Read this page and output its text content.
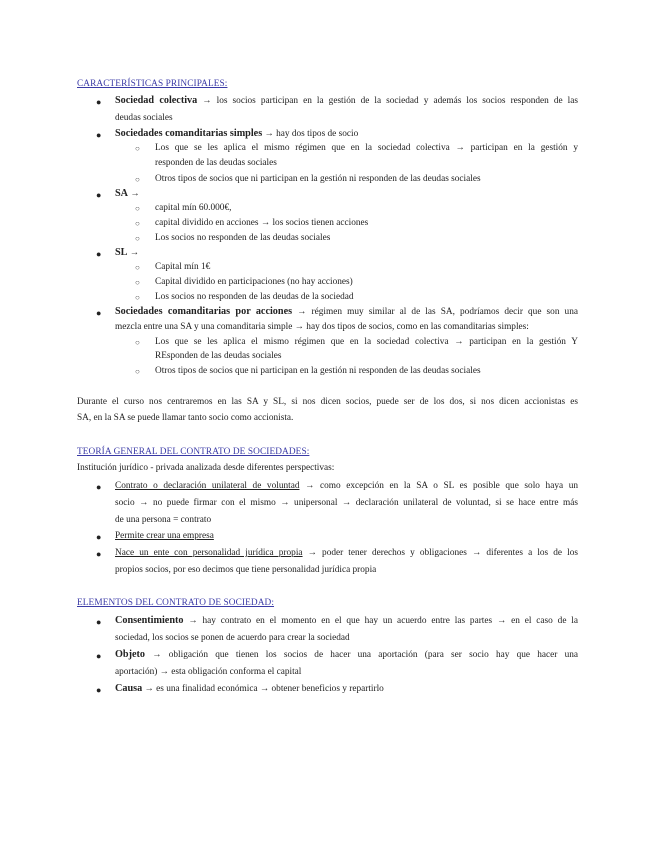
CARACTERÍSTICAS PRINCIPALES:
● Sociedad colectiva → los socios participan en la gestión de la sociedad y además los socios responden de las
deudas sociales
● Sociedades comanditarias simples → hay dos tipos de socio
○ Los que se les aplica el mismo régimen que en la sociedad colectiva → participan en la gestión y
responden de las deudas sociales
○ Otros tipos de socios que ni participan en la gestión ni responden de las deudas sociales
● SA →
○ capital mín 60.000€,
○ capital dividido en acciones → los socios tienen acciones
○ Los socios no responden de las deudas sociales
● SL →
○ Capital mín 1€
○ Capital dividido en participaciones (no hay acciones)
○ Los socios no responden de las deudas de la sociedad
● Sociedades comanditarias por acciones → régimen muy similar al de las SA, podríamos decir que son una
mezcla entre una SA y una comanditaria simple → hay dos tipos de socios, como en las comanditarias simples:
○ Los que se les aplica el mismo régimen que en la sociedad colectiva → participan en la gestión Y
REsponden de las deudas sociales
○ Otros tipos de socios que ni participan en la gestión ni responden de las deudas sociales
Durante el curso nos centraremos en las SA y SL, si nos dicen socios, puede ser de los dos, si nos dicen accionistas es
SA, en la SA se puede llamar tanto socio como accionista.
TEORÍA GENERAL DEL CONTRATO DE SOCIEDADES:
Institución jurídico - privada analizada desde diferentes perspectivas:
● Contrato o declaración unilateral de voluntad → como excepción en la SA o SL es posible que solo haya un
socio → no puede firmar con el mismo → unipersonal → declaración unilateral de voluntad, si se hace entre más
de una persona = contrato
● Permite crear una empresa
● Nace un ente con personalidad jurídica propia → poder tener derechos y obligaciones → diferentes a los de los
propios socios, por eso decimos que tiene personalidad jurídica propia
ELEMENTOS DEL CONTRATO DE SOCIEDAD:
● Consentimiento → hay contrato en el momento en el que hay un acuerdo entre las partes → en el caso de la
sociedad, los socios se ponen de acuerdo para crear la sociedad
● Objeto → obligación que tienen los socios de hacer una aportación (para ser socio hay que hacer una
aportación) → esta obligación conforma el capital
● Causa → es una finalidad económica → obtener beneficios y repartirlo
